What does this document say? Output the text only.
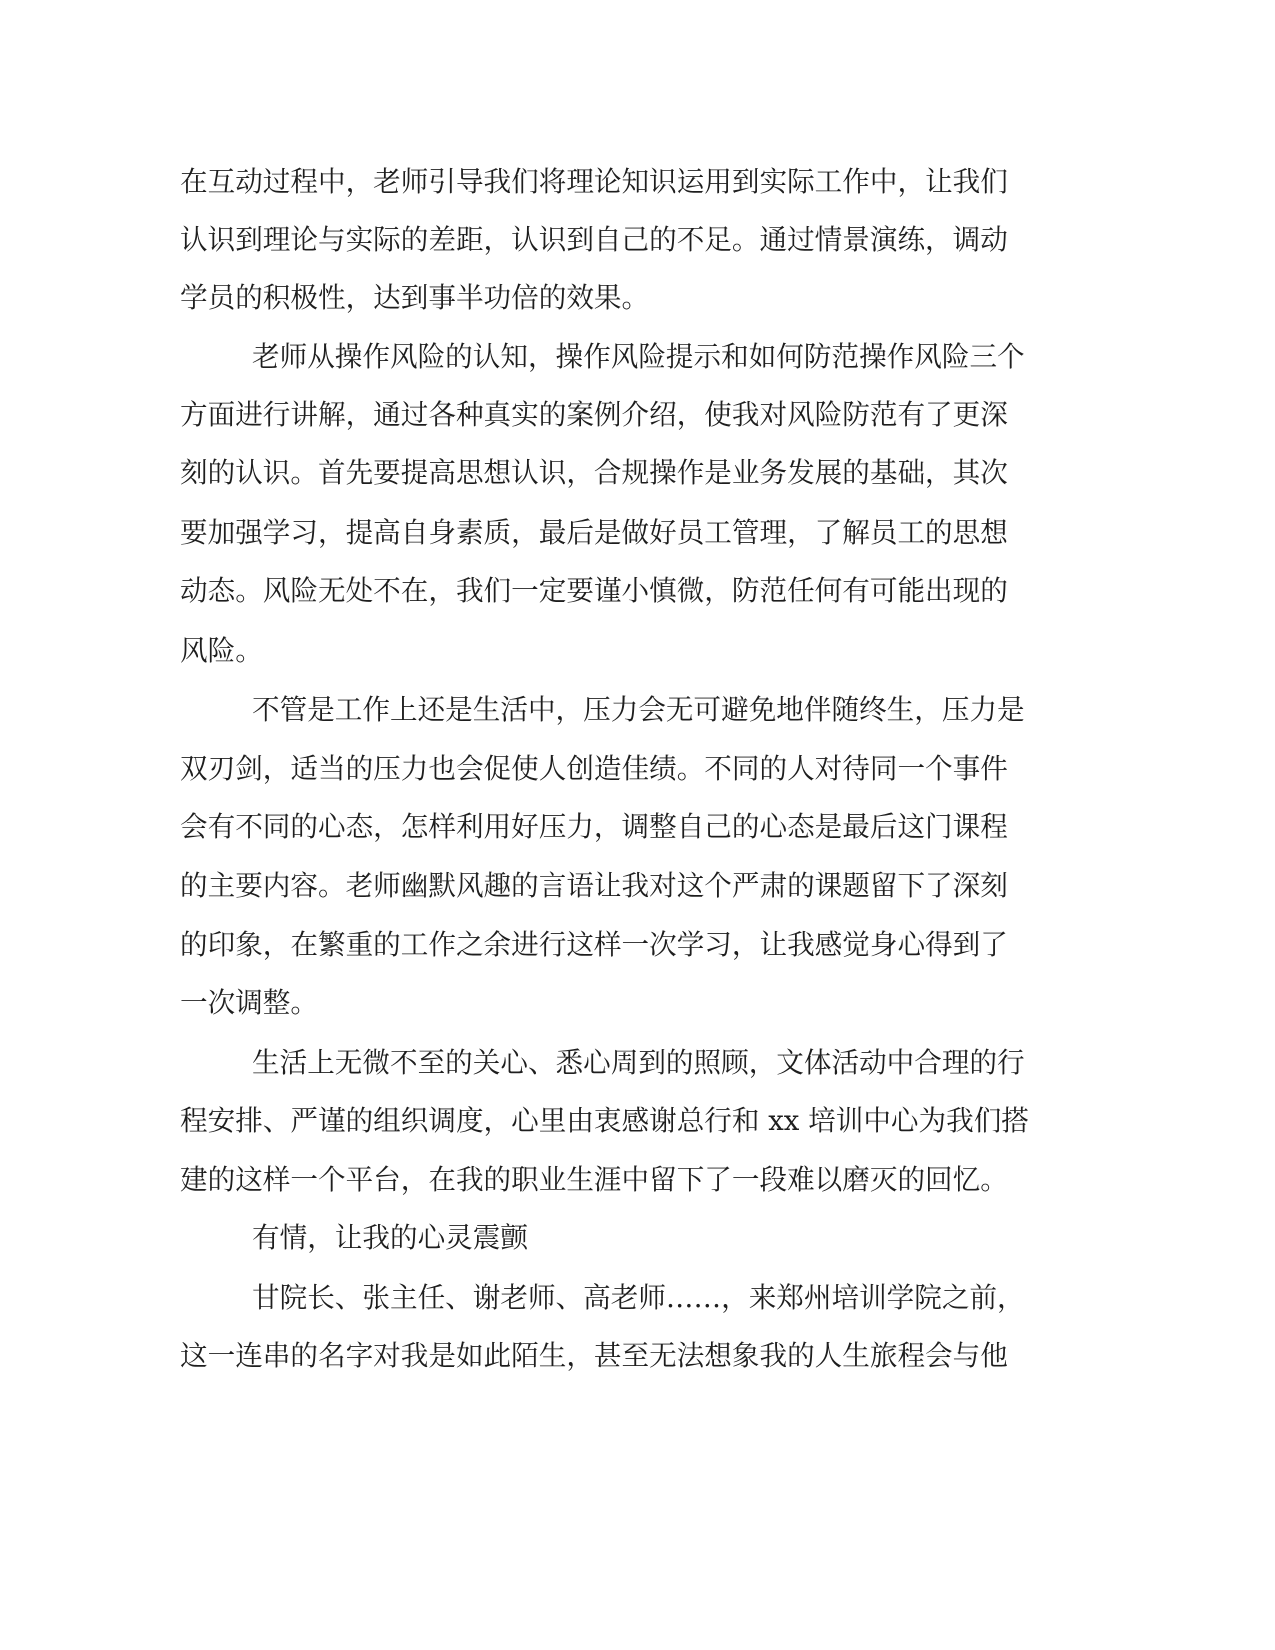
在互动过程中，老师引导我们将理论知识运用到实际工作中，让我们
认识到理论与实际的差距，认识到自己的不足。通过情景演练，调动
学员的积极性，达到事半功倍的效果。
老师从操作风险的认知，操作风险提示和如何防范操作风险三个
方面进行讲解，通过各种真实的案例介绍，使我对风险防范有了更深
刻的认识。首先要提高思想认识，合规操作是业务发展的基础，其次
要加强学习，提高自身素质，最后是做好员工管理，了解员工的思想
动态。风险无处不在，我们一定要谨小慎微，防范任何有可能出现的
风险。
不管是工作上还是生活中，压力会无可避免地伴随终生，压力是
双刃剑，适当的压力也会促使人创造佳绩。不同的人对待同一个事件
会有不同的心态，怎样利用好压力，调整自己的心态是最后这门课程
的主要内容。老师幽默风趣的言语让我对这个严肃的课题留下了深刻
的印象，在繁重的工作之余进行这样一次学习，让我感觉身心得到了
一次调整。
生活上无微不至的关心、悉心周到的照顾，文体活动中合理的行
程安排、严谨的组织调度，心里由衷感谢总行和 xx 培训中心为我们搭
建的这样一个平台，在我的职业生涯中留下了一段难以磨灭的回忆。
有情，让我的心灵震颤
甘院长、张主任、谢老师、高老师……，来郑州培训学院之前，
这一连串的名字对我是如此陌生，甚至无法想象我的人生旅程会与他
